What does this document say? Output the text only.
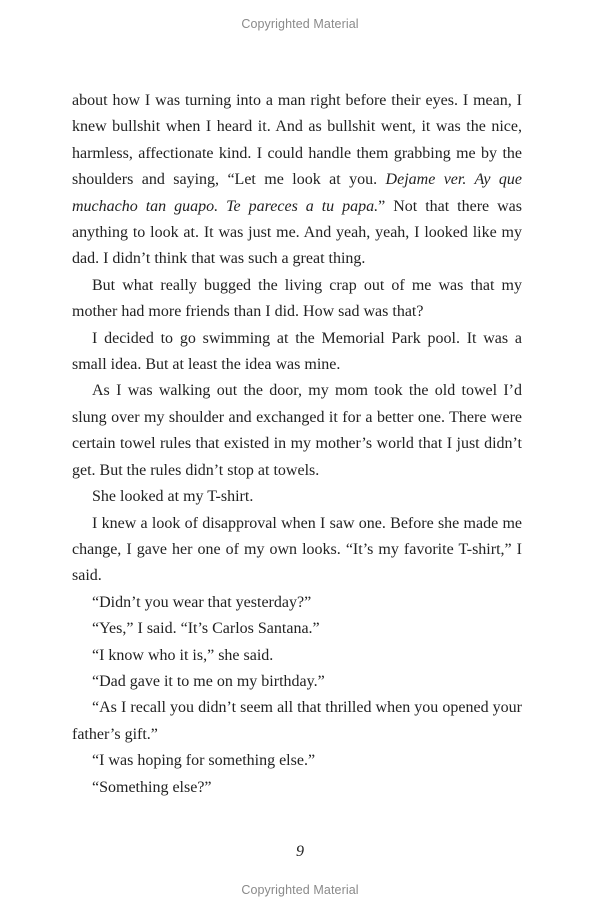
Copyrighted Material

about how I was turning into a man right before their eyes. I mean, I knew bullshit when I heard it. And as bullshit went, it was the nice, harmless, affectionate kind. I could handle them grabbing me by the shoulders and saying, “Let me look at you. Dejame ver. Ay que muchacho tan guapo. Te pareces a tu papa.” Not that there was anything to look at. It was just me. And yeah, yeah, I looked like my dad. I didn’t think that was such a great thing.

But what really bugged the living crap out of me was that my mother had more friends than I did. How sad was that?

I decided to go swimming at the Memorial Park pool. It was a small idea. But at least the idea was mine.

As I was walking out the door, my mom took the old towel I’d slung over my shoulder and exchanged it for a better one. There were certain towel rules that existed in my mother’s world that I just didn’t get. But the rules didn’t stop at towels.

She looked at my T-shirt.

I knew a look of disapproval when I saw one. Before she made me change, I gave her one of my own looks. “It’s my favorite T-shirt,” I said.

“Didn’t you wear that yesterday?”

“Yes,” I said. “It’s Carlos Santana.”

“I know who it is,” she said.

“Dad gave it to me on my birthday.”

“As I recall you didn’t seem all that thrilled when you opened your father’s gift.”

“I was hoping for something else.”

“Something else?”

9
Copyrighted Material
